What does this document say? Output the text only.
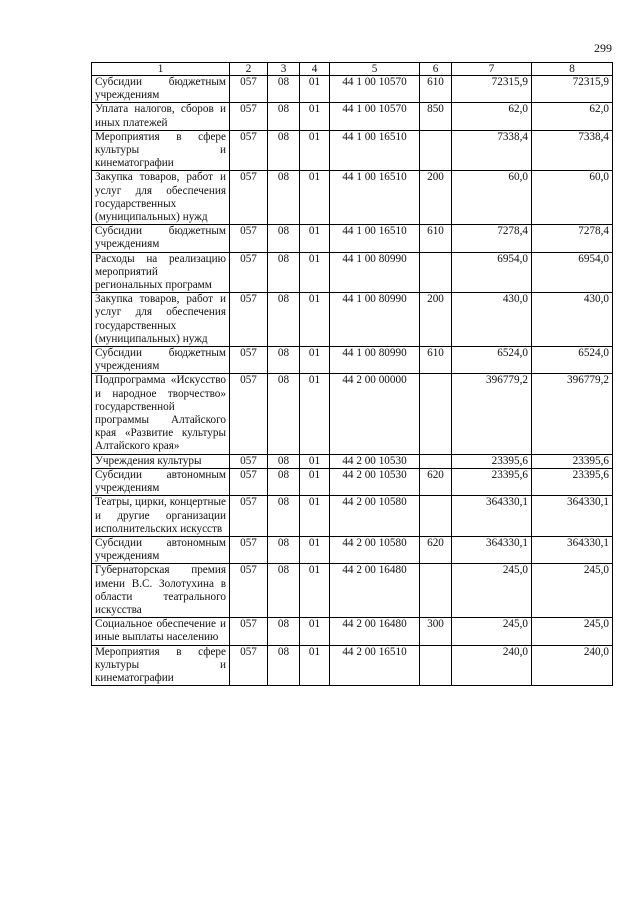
299
1	2	3	4	5	6	7	8
Субсидии бюджетным учреждениям	057	08	01	44 1 00 10570	610	72315,9	72315,9
Уплата налогов, сборов и иных платежей	057	08	01	44 1 00 10570	850	62,0	62,0
Мероприятия в сфере культуры и кинематографии	057	08	01	44 1 00 16510		7338,4	7338,4
Закупка товаров, работ и услуг для обеспечения государственных (муниципальных) нужд	057	08	01	44 1 00 16510	200	60,0	60,0
Субсидии бюджетным учреждениям	057	08	01	44 1 00 16510	610	7278,4	7278,4
Расходы на реализацию мероприятий региональных программ	057	08	01	44 1 00 80990		6954,0	6954,0
Закупка товаров, работ и услуг для обеспечения государственных (муниципальных) нужд	057	08	01	44 1 00 80990	200	430,0	430,0
Субсидии бюджетным учреждениям	057	08	01	44 1 00 80990	610	6524,0	6524,0
Подпрограмма «Искусство и народное творчество» государственной программы Алтайского края «Развитие культуры Алтайского края»	057	08	01	44 2 00 00000		396779,2	396779,2
Учреждения культуры	057	08	01	44 2 00 10530		23395,6	23395,6
Субсидии автономным учреждениям	057	08	01	44 2 00 10530	620	23395,6	23395,6
Театры, цирки, концертные и другие организации исполнительских искусств	057	08	01	44 2 00 10580		364330,1	364330,1
Субсидии автономным учреждениям	057	08	01	44 2 00 10580	620	364330,1	364330,1
Губернаторская премия имени В.С. Золотухина в области театрального искусства	057	08	01	44 2 00 16480		245,0	245,0
Социальное обеспечение и иные выплаты населению	057	08	01	44 2 00 16480	300	245,0	245,0
Мероприятия в сфере культуры и кинематографии	057	08	01	44 2 00 16510		240,0	240,0
